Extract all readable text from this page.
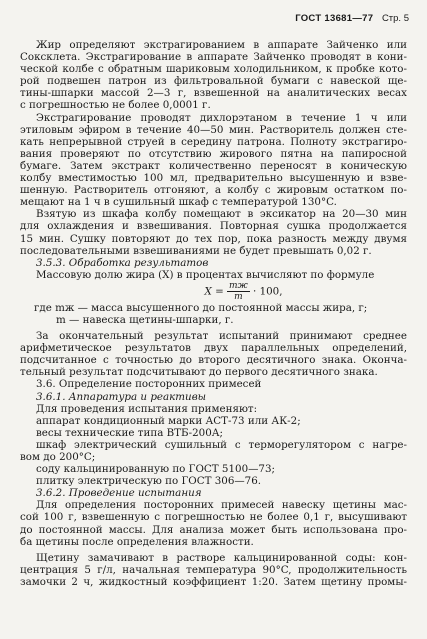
ГОСТ 13681—77 Стр. 5
Жир определяют экстрагированием в аппарате Зайченко или
Соксклета. Экстрагирование в аппарате Зайченко проводят в кони-
ческой колбе с обратным шариковым холодильником, к пробке кото-
рой подвешен патрон из фильтровальной бумаги с навеской ще-
тины-шпарки массой 2—3 г, взвешенной на аналитических весах
с погрешностью не более 0,0001 г.
Экстрагирование проводят дихлорэтаном в течение 1 ч или
этиловым эфиром в течение 40—50 мин. Растворитель должен сте-
кать непрерывной струей в середину патрона. Полноту экстрагиро-
вания проверяют по отсутствию жирового пятна на папиросной
бумаге. Затем экстракт количественно переносят в коническую
колбу вместимостью 100 мл, предварительно высушенную и взве-
шенную. Растворитель отгоняют, а колбу с жировым остатком по-
мещают на 1 ч в сушильный шкаф с температурой 130°C.
Взятую из шкафа колбу помещают в эксикатор на 20—30 мин
для охлаждения и взвешивания. Повторная сушка продолжается
15 мин. Сушку повторяют до тех пор, пока разность между двумя
последовательными взвешиваниями не будет превышать 0,02 г.
3.5.3. Обработка результатов
Массовую долю жира (X) в процентах вычисляют по формуле
$X = \frac{mж}{m} \cdot 100$,
где mж — масса высушенного до постоянной массы жира, г;
m — навеска щетины-шпарки, г.
За окончательный результат испытаний принимают среднее
арифметическое результатов двух параллельных определений,
подсчитанное с точностью до второго десятичного знака. Оконча-
тельный результат подсчитывают до первого десятичного знака.
3.6. Определение посторонних примесей
3.6.1. Аппаратура и реактивы
Для проведения испытания применяют:
аппарат кондиционный марки АСТ-73 или АК-2;
весы технические типа ВТБ-200А;
шкаф электрический сушильный с терморегулятором с нагре-
вом до 200°C;
соду кальцинированную по ГОСТ 5100—73;
плитку электрическую по ГОСТ 306—76.
3.6.2. Проведение испытания
Для определения посторонних примесей навеску щетины мас-
сой 100 г, взвешенную с погрешностью не более 0,1 г, высушивают
до постоянной массы. Для анализа может быть использована про-
ба щетины после определения влажности.
Щетину замачивают в растворе кальцинированной соды: кон-
центрация 5 г/л, начальная температура 90°C, продолжительность
замочки 2 ч, жидкостный коэффициент 1:20. Затем щетину промы-
